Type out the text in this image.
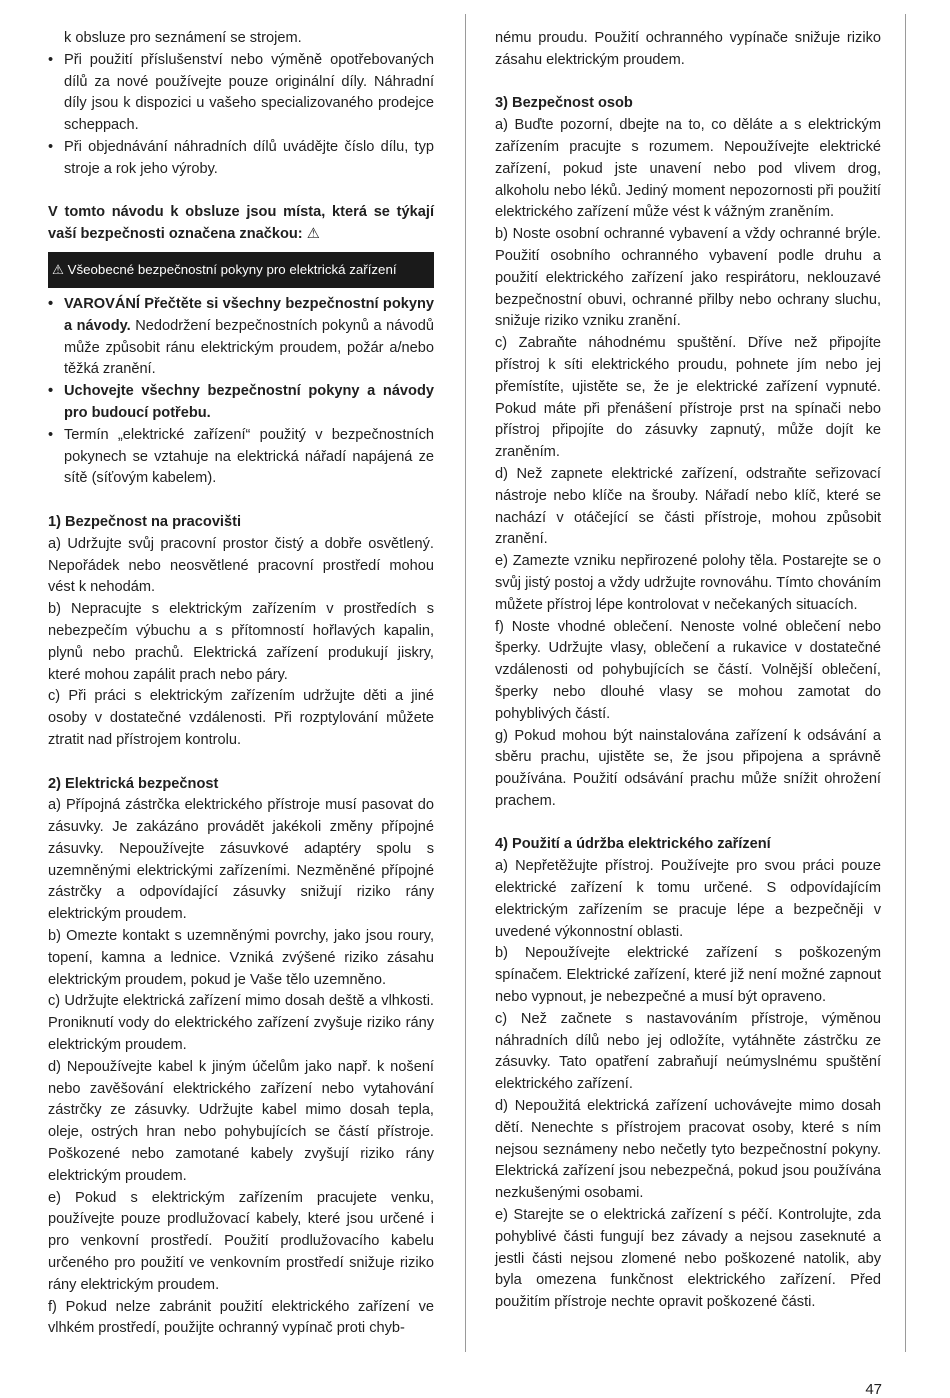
k obsluze pro seznámení se strojem.

• Při použití příslušenství nebo výměně opotřebovaných dílů za nové používejte pouze originální díly. Náhradní díly jsou k dispozici u vašeho specializovaného prodejce scheppach.

• Při objednávání náhradních dílů uvádějte číslo dílu, typ stroje a rok jeho výroby.

V tomto návodu k obsluze jsou místa, která se týkají vaší bezpečnosti označena značkou: ⚠

⚠ Všeobecné bezpečnostní pokyny pro elektrická zařízení

• VAROVÁNÍ Přečtěte si všechny bezpečnostní pokyny a návody. Nedodržení bezpečnostních pokynů a návodů může způsobit ránu elektrickým proudem, požár a/nebo těžká zranění.

• Uchovejte všechny bezpečnostní pokyny a návody pro budoucí potřebu.

• Termín „elektrické zařízení“ použitý v bezpečnostních pokynech se vztahuje na elektrická nářadí napájená ze sítě (síťovým kabelem).

1) Bezpečnost na pracovišti

a) Udržujte svůj pracovní prostor čistý a dobře osvětlený. Nepořádek nebo neosvětlené pracovní prostředí mohou vést k nehodám.

b) Nepracujte s elektrickým zařízením v prostředích s nebezpečím výbuchu a s přítomností hořlavých kapalin, plynů nebo prachů. Elektrická zařízení produkují jiskry, které mohou zapálit prach nebo páry.

c) Při práci s elektrickým zařízením udržujte děti a jiné osoby v dostatečné vzdálenosti. Při rozptylování můžete ztratit nad přístrojem kontrolu.

2) Elektrická bezpečnost

a) Přípojná zástrčka elektrického přístroje musí pasovat do zásuvky. Je zakázáno provádět jakékoli změny přípojné zásuvky. Nepoužívejte zásuvkové adaptéry spolu s uzemněnými elektrickými zařízeními. Nezměněné přípojné zástrčky a odpovídající zásuvky snižují riziko rány elektrickým proudem.

b) Omezte kontakt s uzemněnými povrchy, jako jsou roury, topení, kamna a lednice. Vzniká zvýšené riziko zásahu elektrickým proudem, pokud je Vaše tělo uzemněno.

c) Udržujte elektrická zařízení mimo dosah deště a vlhkosti. Proniknutí vody do elektrického zařízení zvyšuje riziko rány elektrickým proudem.

d) Nepoužívejte kabel k jiným účelům jako např. k nošení nebo zavěšování elektrického zařízení nebo vytahování zástrčky ze zásuvky. Udržujte kabel mimo dosah tepla, oleje, ostrých hran nebo pohybujících se částí přístroje. Poškozené nebo zamotané kabely zvyšují riziko rány elektrickým proudem.

e) Pokud s elektrickým zařízením pracujete venku, používejte pouze prodlužovací kabely, které jsou určené i pro venkovní prostředí. Použití prodlužovacího kabelu určeného pro použití ve venkovním prostředí snižuje riziko rány elektrickým proudem.

f) Pokud nelze zabránit použití elektrického zařízení ve vlhkém prostředí, použijte ochranný vypínač proti chyb-

nému proudu. Použití ochranného vypínače snižuje riziko zásahu elektrickým proudem.

3) Bezpečnost osob

a) Buďte pozorní, dbejte na to, co děláte a s elektrickým zařízením pracujte s rozumem. Nepoužívejte elektrické zařízení, pokud jste unavení nebo pod vlivem drog, alkoholu nebo léků. Jediný moment nepozornosti při použití elektrického zařízení může vést k vážným zraněním.

b) Noste osobní ochranné vybavení a vždy ochranné brýle. Použití osobního ochranného vybavení podle druhu a použití elektrického zařízení jako respirátoru, neklouzavé bezpečnostní obuvi, ochranné přilby nebo ochrany sluchu, snižuje riziko vzniku zranění.

c) Zabraňte náhodnému spuštění. Dříve než připojíte přístroj k síti elektrického proudu, pohnete jím nebo jej přemístíte, ujistěte se, že je elektrické zařízení vypnuté. Pokud máte při přenášení přístroje prst na spínači nebo přístroj připojíte do zásuvky zapnutý, může dojít ke zraněním.

d) Než zapnete elektrické zařízení, odstraňte seřizovací nástroje nebo klíče na šrouby. Nářadí nebo klíč, které se nachází v otáčející se části přístroje, mohou způsobit zranění.

e) Zamezte vzniku nepřirozené polohy těla. Postarejte se o svůj jistý postoj a vždy udržujte rovnováhu. Tímto chováním můžete přístroj lépe kontrolovat v nečekaných situacích.

f) Noste vhodné oblečení. Nenoste volné oblečení nebo šperky. Udržujte vlasy, oblečení a rukavice v dostatečné vzdálenosti od pohybujících se částí. Volnější oblečení, šperky nebo dlouhé vlasy se mohou zamotat do pohyblivých částí.

g) Pokud mohou být nainstalována zařízení k odsávání a sběru prachu, ujistěte se, že jsou připojena a správně používána. Použití odsávání prachu může snížit ohrožení prachem.

4) Použití a údržba elektrického zařízení

a) Nepřetěžujte přístroj. Používejte pro svou práci pouze elektrické zařízení k tomu určené. S odpovídajícím elektrickým zařízením se pracuje lépe a bezpečněji v uvedené výkonnostní oblasti.

b) Nepoužívejte elektrické zařízení s poškozeným spínačem. Elektrické zařízení, které již není možné zapnout nebo vypnout, je nebezpečné a musí být opraveno.

c) Než začnete s nastavováním přístroje, výměnou náhradních dílů nebo jej odložíte, vytáhněte zástrčku ze zásuvky. Tato opatření zabraňují neúmyslnému spuštění elektrického zařízení.

d) Nepoužitá elektrická zařízení uchovávejte mimo dosah dětí. Nenechte s přístrojem pracovat osoby, které s ním nejsou seznámeny nebo nečetly tyto bezpečnostní pokyny. Elektrická zařízení jsou nebezpečná, pokud jsou používána nezkušenými osobami.

e) Starejte se o elektrická zařízení s péčí. Kontrolujte, zda pohyblivé části fungují bez závady a nejsou zaseknuté a jestli části nejsou zlomené nebo poškozené natolik, aby byla omezena funkčnost elektrického zařízení. Před použitím přístroje nechte opravit poškozené části.

47
